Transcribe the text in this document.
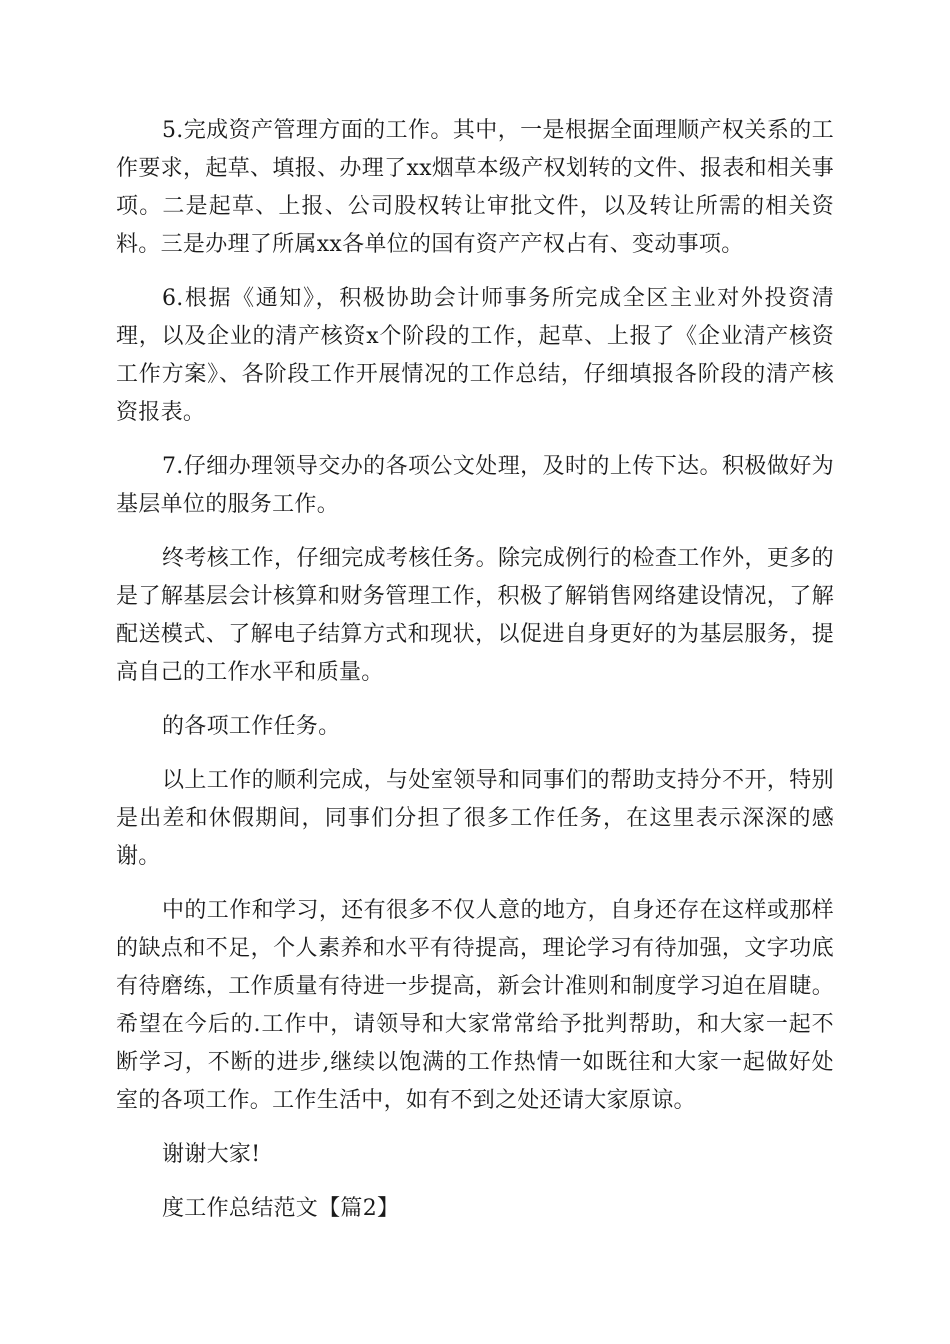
5.完成资产管理方面的工作。其中，一是根据全面理顺产权关系的工作要求，起草、填报、办理了xx烟草本级产权划转的文件、报表和相关事项。二是起草、上报、公司股权转让审批文件，以及转让所需的相关资料。三是办理了所属xx各单位的国有资产产权占有、变动事项。

6.根据《通知》，积极协助会计师事务所完成全区主业对外投资清理，以及企业的清产核资x个阶段的工作，起草、上报了《企业清产核资工作方案》、各阶段工作开展情况的工作总结，仔细填报各阶段的清产核资报表。

7.仔细办理领导交办的各项公文处理，及时的上传下达。积极做好为基层单位的服务工作。

终考核工作，仔细完成考核任务。除完成例行的检查工作外，更多的是了解基层会计核算和财务管理工作，积极了解销售网络建设情况，了解配送模式、了解电子结算方式和现状，以促进自身更好的为基层服务，提高自己的工作水平和质量。

的各项工作任务。

以上工作的顺利完成，与处室领导和同事们的帮助支持分不开，特别是出差和休假期间，同事们分担了很多工作任务，在这里表示深深的感谢。

中的工作和学习，还有很多不仅人意的地方，自身还存在这样或那样的缺点和不足，个人素养和水平有待提高，理论学习有待加强，文字功底有待磨练，工作质量有待进一步提高，新会计准则和制度学习迫在眉睫。希望在今后的.工作中，请领导和大家常常给予批判帮助，和大家一起不断学习，不断的进步,继续以饱满的工作热情一如既往和大家一起做好处室的各项工作。工作生活中，如有不到之处还请大家原谅。

谢谢大家!

度工作总结范文【篇2】
